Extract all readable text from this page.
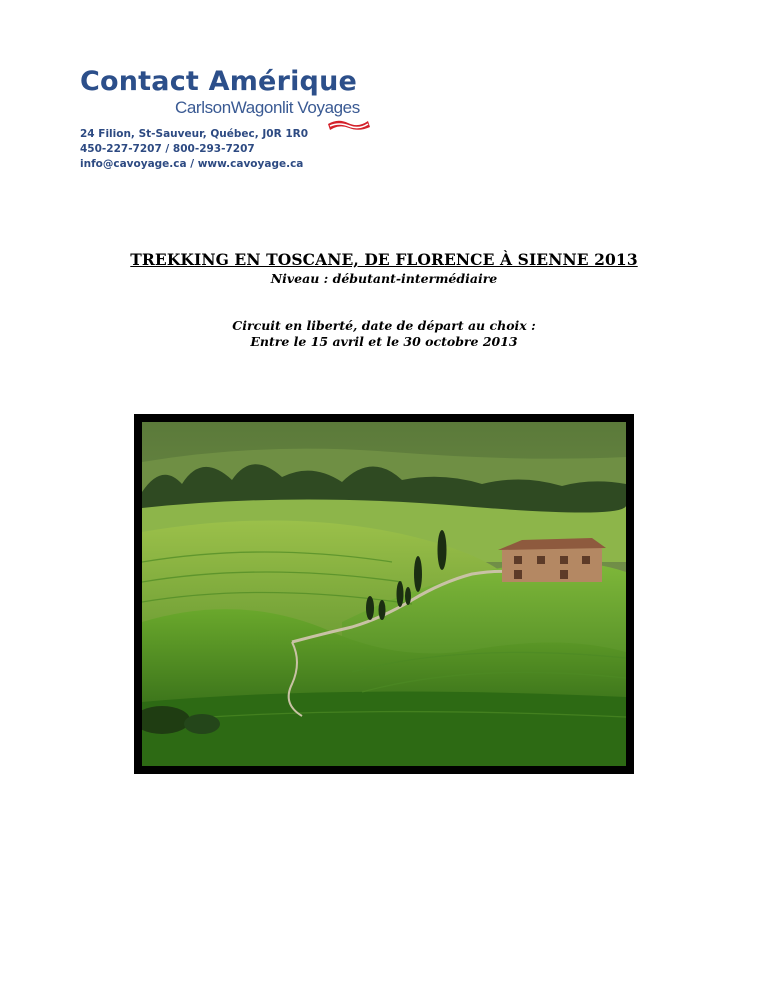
Contact Amérique
CarlsonWagonlit Voyages
24 Filion, St-Sauveur, Québec, J0R 1R0
450-227-7207 / 800-293-7207
info@cavoyage.ca / www.cavoyage.ca
TREKKING EN TOSCANE, DE FLORENCE À SIENNE 2013

Niveau : débutant-intermédiaire

Circuit en liberté, date de départ au choix :
Entre le 15 avril et le 30 octobre 2013
